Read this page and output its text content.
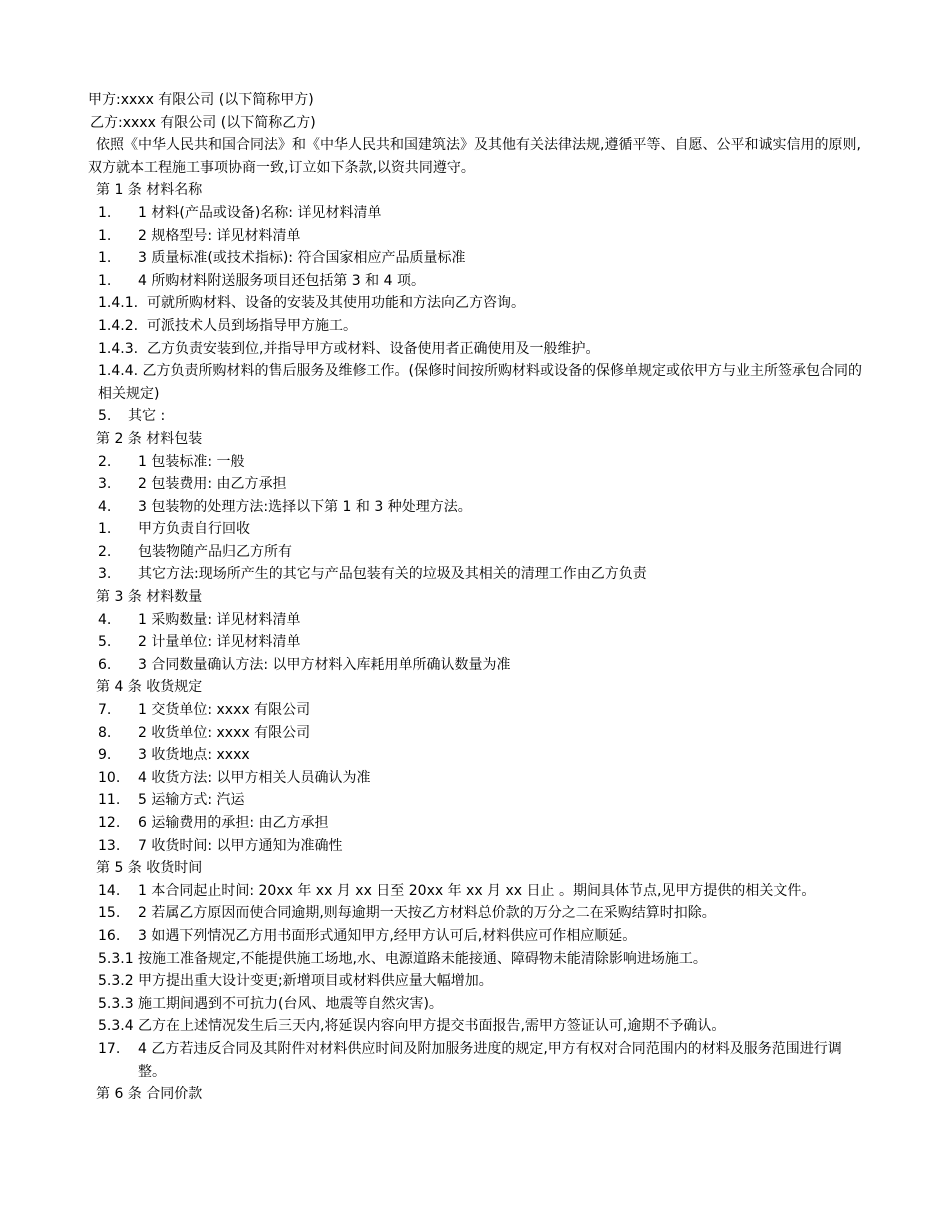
甲方:xxxx 有限公司 (以下简称甲方)
乙方:xxxx 有限公司 (以下简称乙方)
依照《中华人民共和国合同法》和《中华人民共和国建筑法》及其他有关法律法规,遵循平等、自愿、公平和诚实信用的原则,双方就本工程施工事项协商一致,订立如下条款,以资共同遵守。
第 1 条 材料名称
1.	1 材料(产品或设备)名称: 详见材料清单
1.	2 规格型号: 详见材料清单
1.	3 质量标准(或技术指标): 符合国家相应产品质量标准
1.	4 所购材料附送服务项目还包括第 3 和 4 项。
1.4.1. 可就所购材料、设备的安装及其使用功能和方法向乙方咨询。
1.4.2. 可派技术人员到场指导甲方施工。
1.4.3. 乙方负责安装到位,并指导甲方或材料、设备使用者正确使用及一般维护。
1.4.4. 乙方负责所购材料的售后服务及维修工作。(保修时间按所购材料或设备的保修单规定或依甲方与业主所签承包合同的相关规定)
5.	其它 :
第 2 条 材料包装
2.	1 包装标准: 一般
3.	2 包装费用: 由乙方承担
4.	3 包装物的处理方法:选择以下第 1 和 3 种处理方法。
1.	甲方负责自行回收
2.	包装物随产品归乙方所有
3.	其它方法:现场所产生的其它与产品包装有关的垃圾及其相关的清理工作由乙方负责
第 3 条 材料数量
4.	1 采购数量: 详见材料清单
5.	2 计量单位: 详见材料清单
6.	3 合同数量确认方法: 以甲方材料入库耗用单所确认数量为准
第 4 条 收货规定
7.	1 交货单位: xxxx 有限公司
8.	2 收货单位: xxxx 有限公司
9.	3 收货地点: xxxx
10.	4 收货方法: 以甲方相关人员确认为准
11.	5 运输方式: 汽运
12.	6 运输费用的承担: 由乙方承担
13.	7 收货时间: 以甲方通知为准确性
第 5 条 收货时间
14.	1 本合同起止时间: 20xx 年 xx 月 xx 日至 20xx 年 xx 月 xx 日止 。期间具体节点,见甲方提供的相关文件。
15.	2 若属乙方原因而使合同逾期,则每逾期一天按乙方材料总价款的万分之二在采购结算时扣除。
16.	3 如遇下列情况乙方用书面形式通知甲方,经甲方认可后,材料供应可作相应顺延。
5.3.1 按施工准备规定,不能提供施工场地,水、电源道路未能接通、障碍物未能清除影响进场施工。
5.3.2 甲方提出重大设计变更;新增项目或材料供应量大幅增加。
5.3.3 施工期间遇到不可抗力(台风、地震等自然灾害)。
5.3.4 乙方在上述情况发生后三天内,将延误内容向甲方提交书面报告,需甲方签证认可,逾期不予确认。
17.	4 乙方若违反合同及其附件对材料供应时间及附加服务进度的规定,甲方有权对合同范围内的材料及服务范围进行调整。
第 6 条 合同价款
